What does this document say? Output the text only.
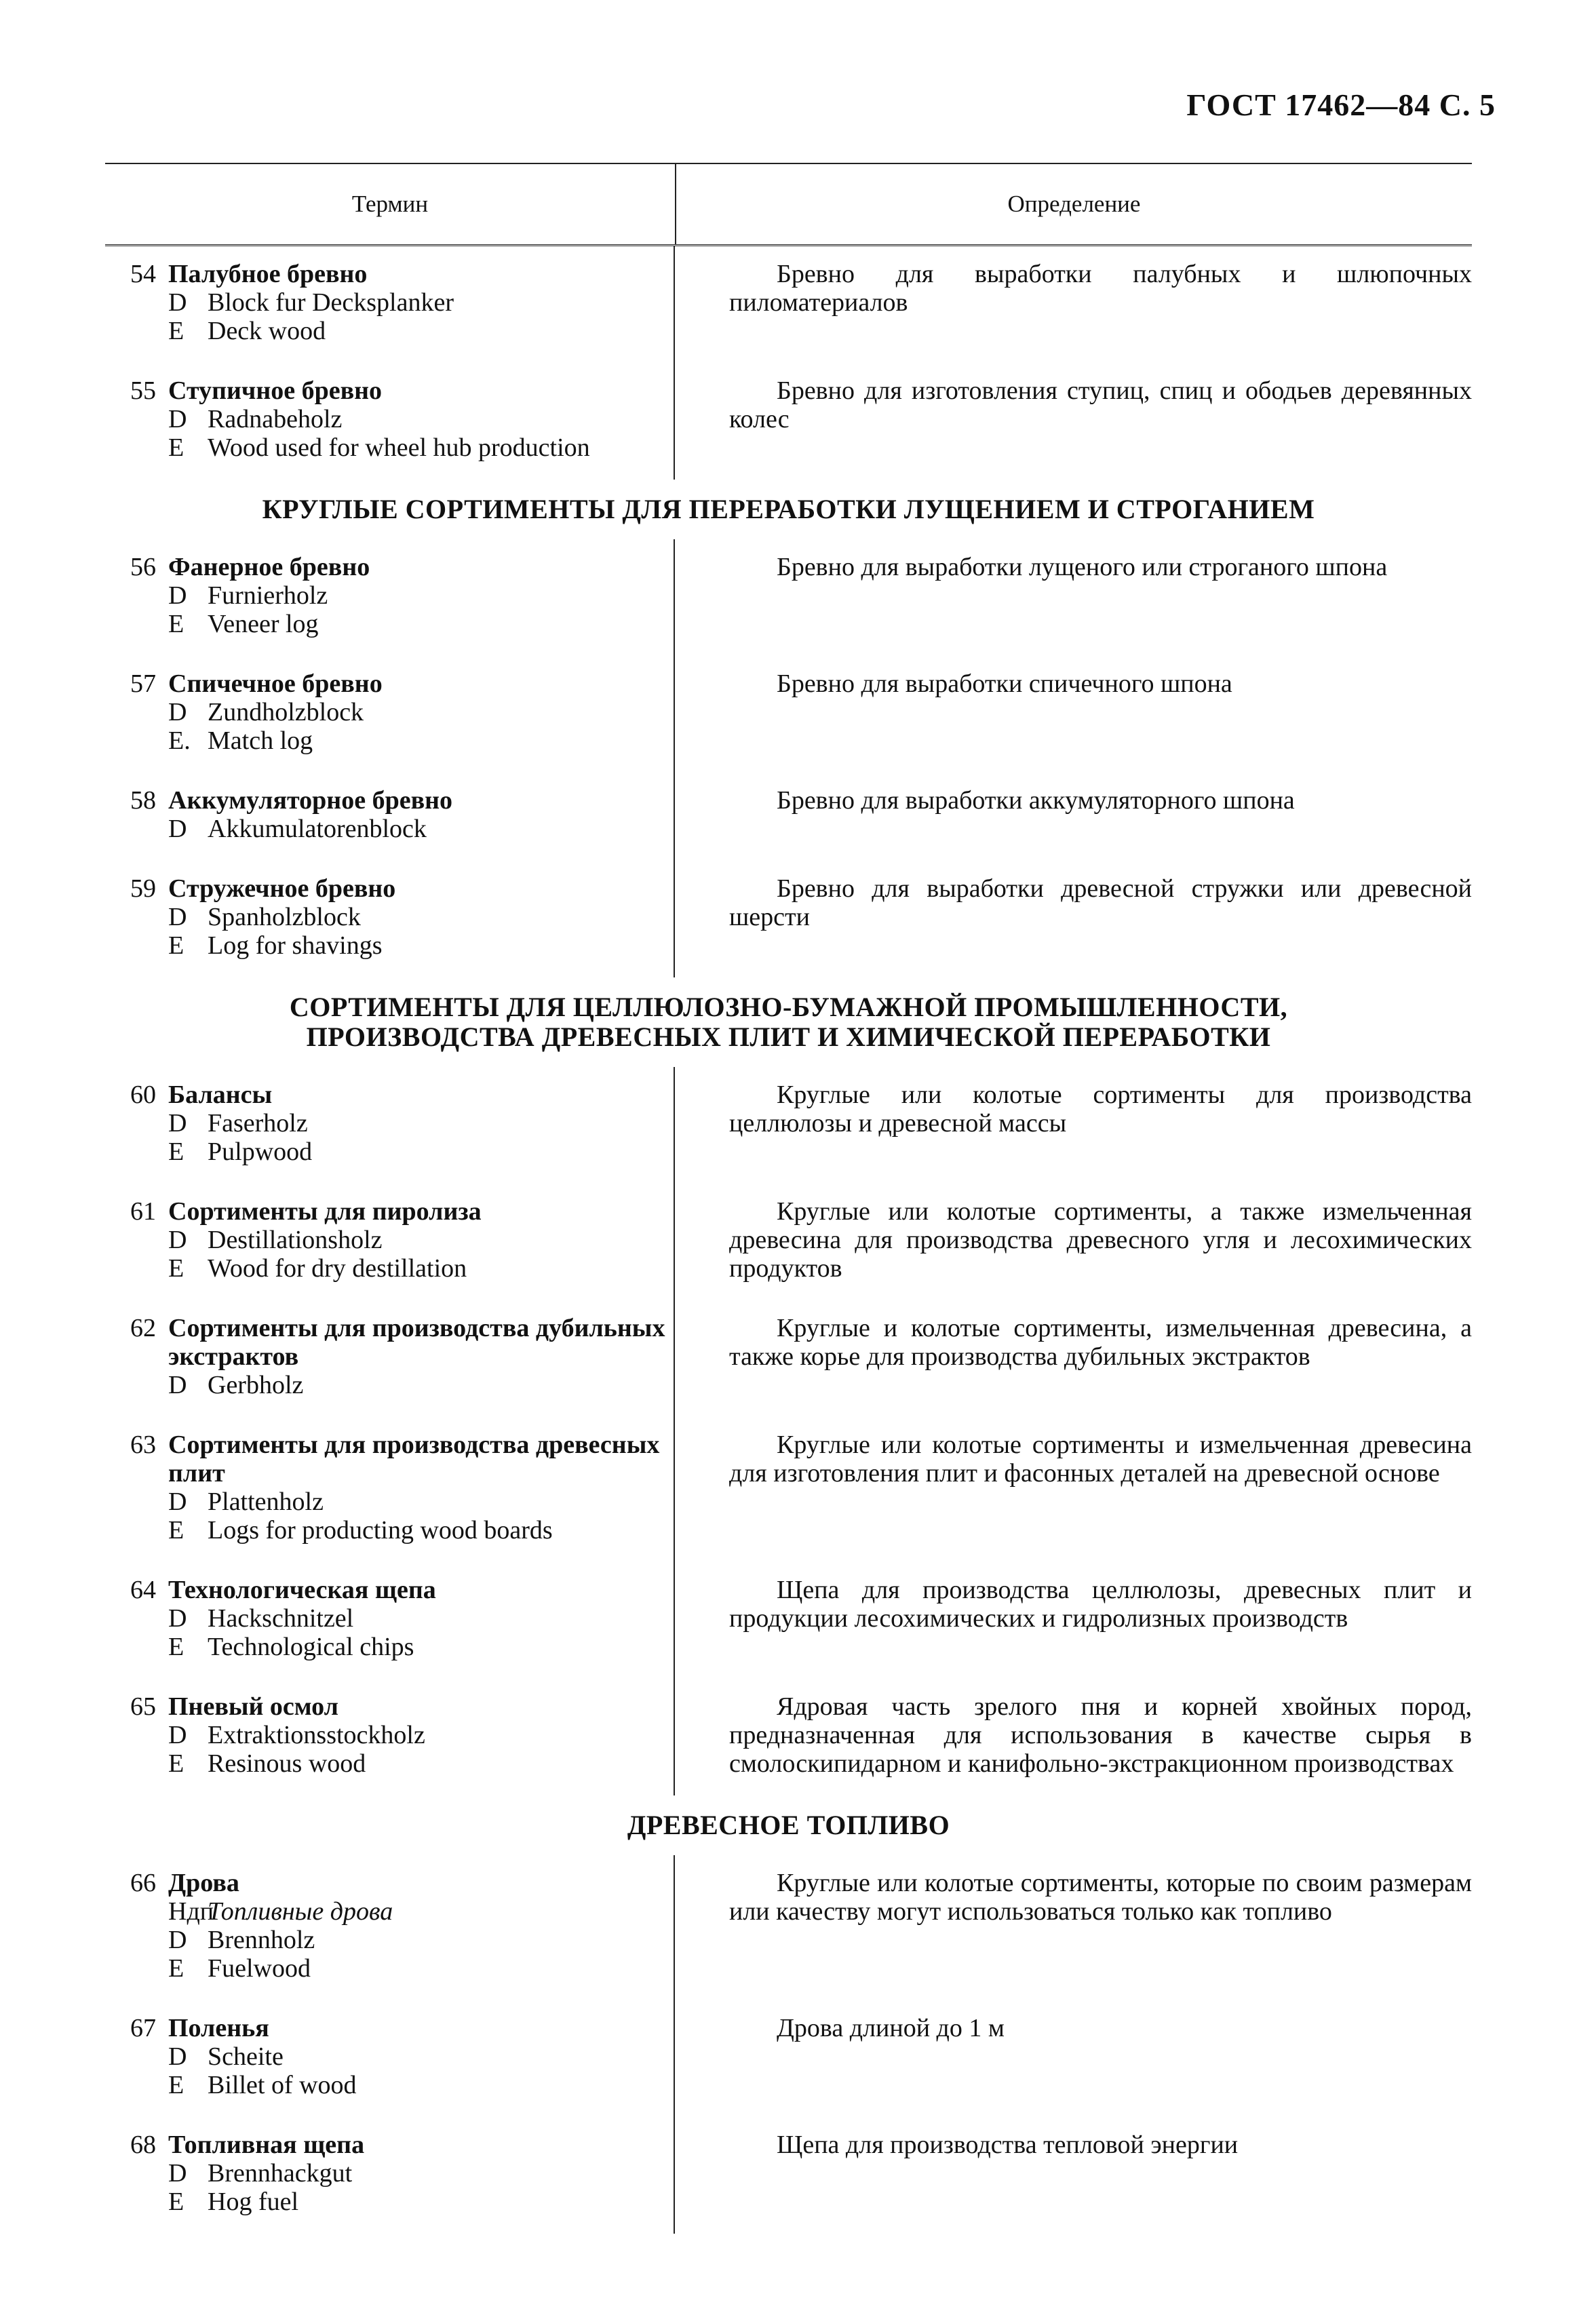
ГОСТ 17462—84 С. 5
Термин	Определение
54 Палубное бревно
DBlock fur Decksplanker
EDeck wood

Бревно для выработки палубных и шлюпочных пиломатериалов

55 Ступичное бревно
DRadnabeholz
EWood used for wheel hub production

Бревно для изготовления ступиц, спиц и ободьев деревянных колес

КРУГЛЫЕ СОРТИМЕНТЫ ДЛЯ ПЕРЕРАБОТКИ ЛУЩЕНИЕМ И СТРОГАНИЕМ
56 Фанерное бревно
DFurnierholz
EVeneer log

Бревно для выработки лущеного или строганого шпона

57 Спичечное бревно
DZundholzblock
E.Match log

Бревно для выработки спичечного шпона

58 Аккумуляторное бревно
DAkkumulatorenblock

Бревно для выработки аккумуляторного шпона

59 Стружечное бревно
DSpanholzblock
ELog for shavings

Бревно для выработки древесной стружки или древесной шерсти

СОРТИМЕНТЫ ДЛЯ ЦЕЛЛЮЛОЗНО-БУМАЖНОЙ ПРОМЫШЛЕННОСТИ,
ПРОИЗВОДСТВА ДРЕВЕСНЫХ ПЛИТ И ХИМИЧЕСКОЙ ПЕРЕРАБОТКИ
60 Балансы
DFaserholz
EPulpwood

Круглые или колотые сортименты для производства целлюлозы и древесной массы

61 Сортименты для пиролиза
DDestillationsholz
EWood for dry destillation

Круглые или колотые сортименты, а также измельченная древесина для производства древесного угля и лесохимических продуктов

62 Сортименты для производства дубильных экстрактов
DGerbholz

Круглые и колотые сортименты, измельченная древесина, а также корье для производства дубильных экстрактов

63 Сортименты для производства древесных плит
DPlattenholz
ELogs for producting wood boards

Круглые или колотые сортименты и измельченная древесина для изготовления плит и фасонных деталей на древесной основе

64 Технологическая щепа
DHackschnitzel
ETechnological chips

Щепа для производства целлюлозы, древесных плит и продукции лесохимических и гидролизных производств

65 Пневый осмол
DExtraktionsstockholz
EResinous wood

Ядровая часть зрелого пня и корней хвойных пород, предназначенная для использования в качестве сырья в смолоскипидарном и канифольно-экстракционном производствах

ДРЕВЕСНОЕ ТОПЛИВО
66 Дрова
НдпТопливные дрова
DBrennholz
EFuelwood

Круглые или колотые сортименты, которые по своим размерам или качеству могут использоваться только как топливо

67 Поленья
DScheite
EBillet of wood

Дрова длиной до 1 м

68 Топливная щепа
DBrennhackgut
EHog fuel

Щепа для производства тепловой энергии
